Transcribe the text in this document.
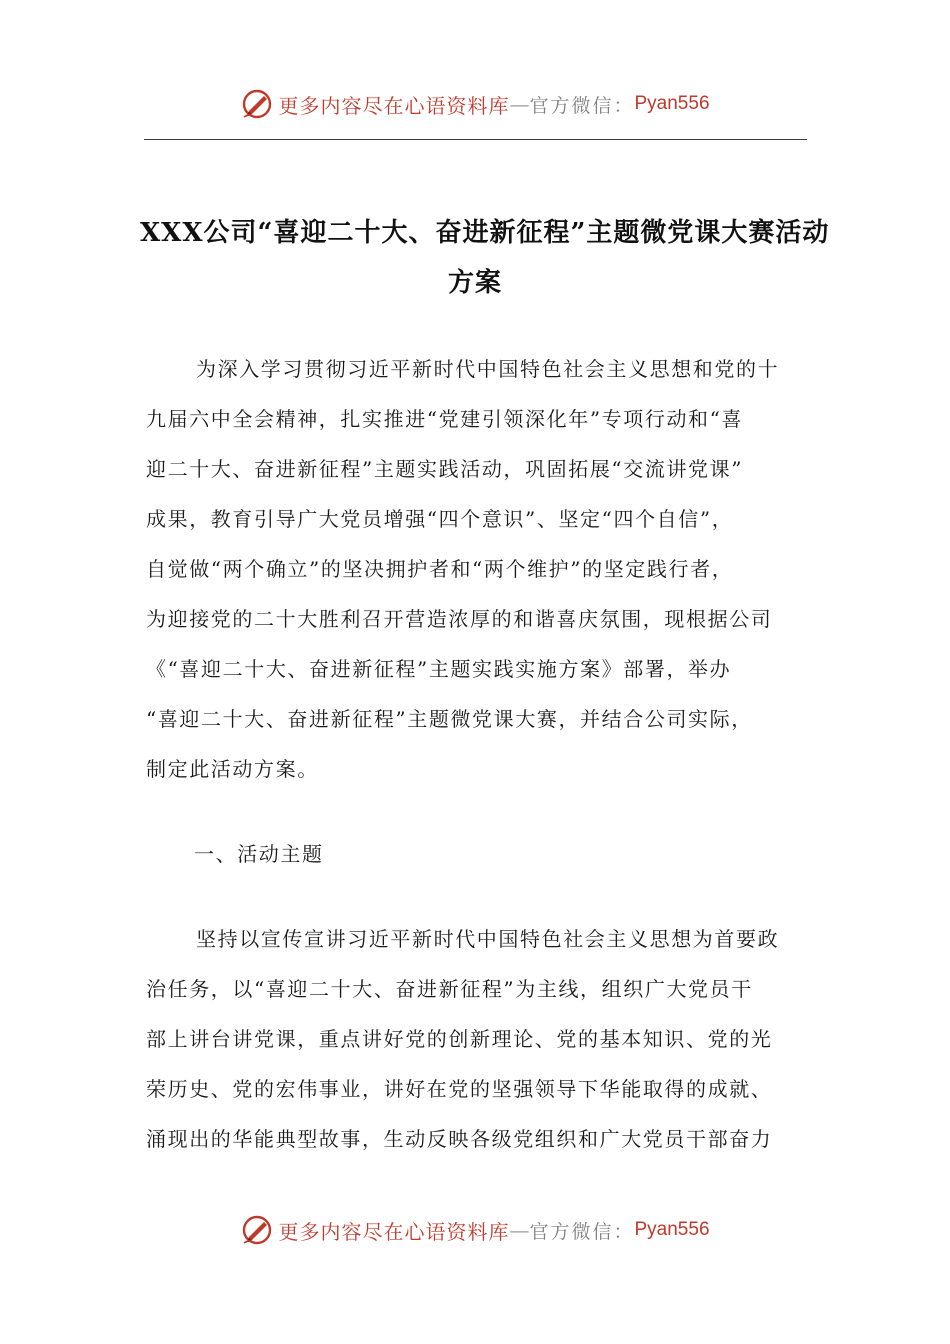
更多内容尽在心语资料库 — 官方微信： Pyan556
XXX公司“喜迎二十大、奋进新征程”主题微党课大赛活动
方案

为深入学习贯彻习近平新时代中国特色社会主义思想和党的十
九届六中全会精神，扎实推进“党建引领深化年”专项行动和“喜
迎二十大、奋进新征程”主题实践活动，巩固拓展“交流讲党课”
成果，教育引导广大党员增强“四个意识”、坚定“四个自信”，
自觉做“两个确立”的坚决拥护者和“两个维护”的坚定践行者，
为迎接党的二十大胜利召开营造浓厚的和谐喜庆氛围，现根据公司
《“喜迎二十大、奋进新征程”主题实践实施方案》部署，举办
“喜迎二十大、奋进新征程”主题微党课大赛，并结合公司实际，
制定此活动方案。

一、活动主题

坚持以宣传宣讲习近平新时代中国特色社会主义思想为首要政
治任务，以“喜迎二十大、奋进新征程”为主线，组织广大党员干
部上讲台讲党课，重点讲好党的创新理论、党的基本知识、党的光
荣历史、党的宏伟事业，讲好在党的坚强领导下华能取得的成就、
涌现出的华能典型故事，生动反映各级党组织和广大党员干部奋力

更多内容尽在心语资料库 — 官方微信： Pyan556
